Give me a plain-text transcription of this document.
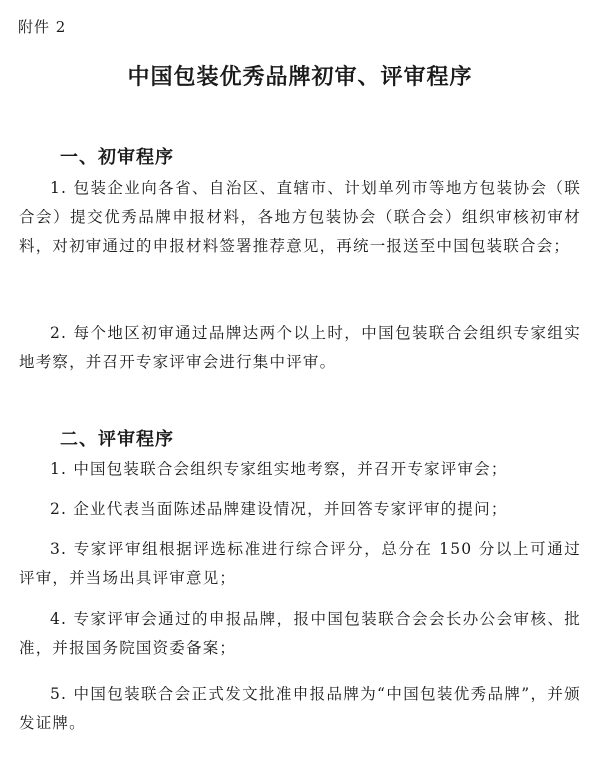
附件 2
中国包装优秀品牌初审、评审程序
一、初审程序
1. 包装企业向各省、自治区、直辖市、计划单列市等地方包装协会（联合会）提交优秀品牌申报材料，各地方包装协会（联合会）组织审核初审材料，对初审通过的申报材料签署推荐意见，再统一报送至中国包装联合会；
2. 每个地区初审通过品牌达两个以上时，中国包装联合会组织专家组实地考察，并召开专家评审会进行集中评审。
二、评审程序
1. 中国包装联合会组织专家组实地考察，并召开专家评审会；
2. 企业代表当面陈述品牌建设情况，并回答专家评审的提问；
3. 专家评审组根据评选标准进行综合评分，总分在 150 分以上可通过评审，并当场出具评审意见；
4. 专家评审会通过的申报品牌，报中国包装联合会会长办公会审核、批准，并报国务院国资委备案；
5. 中国包装联合会正式发文批准申报品牌为“中国包装优秀品牌”，并颁发证牌。
